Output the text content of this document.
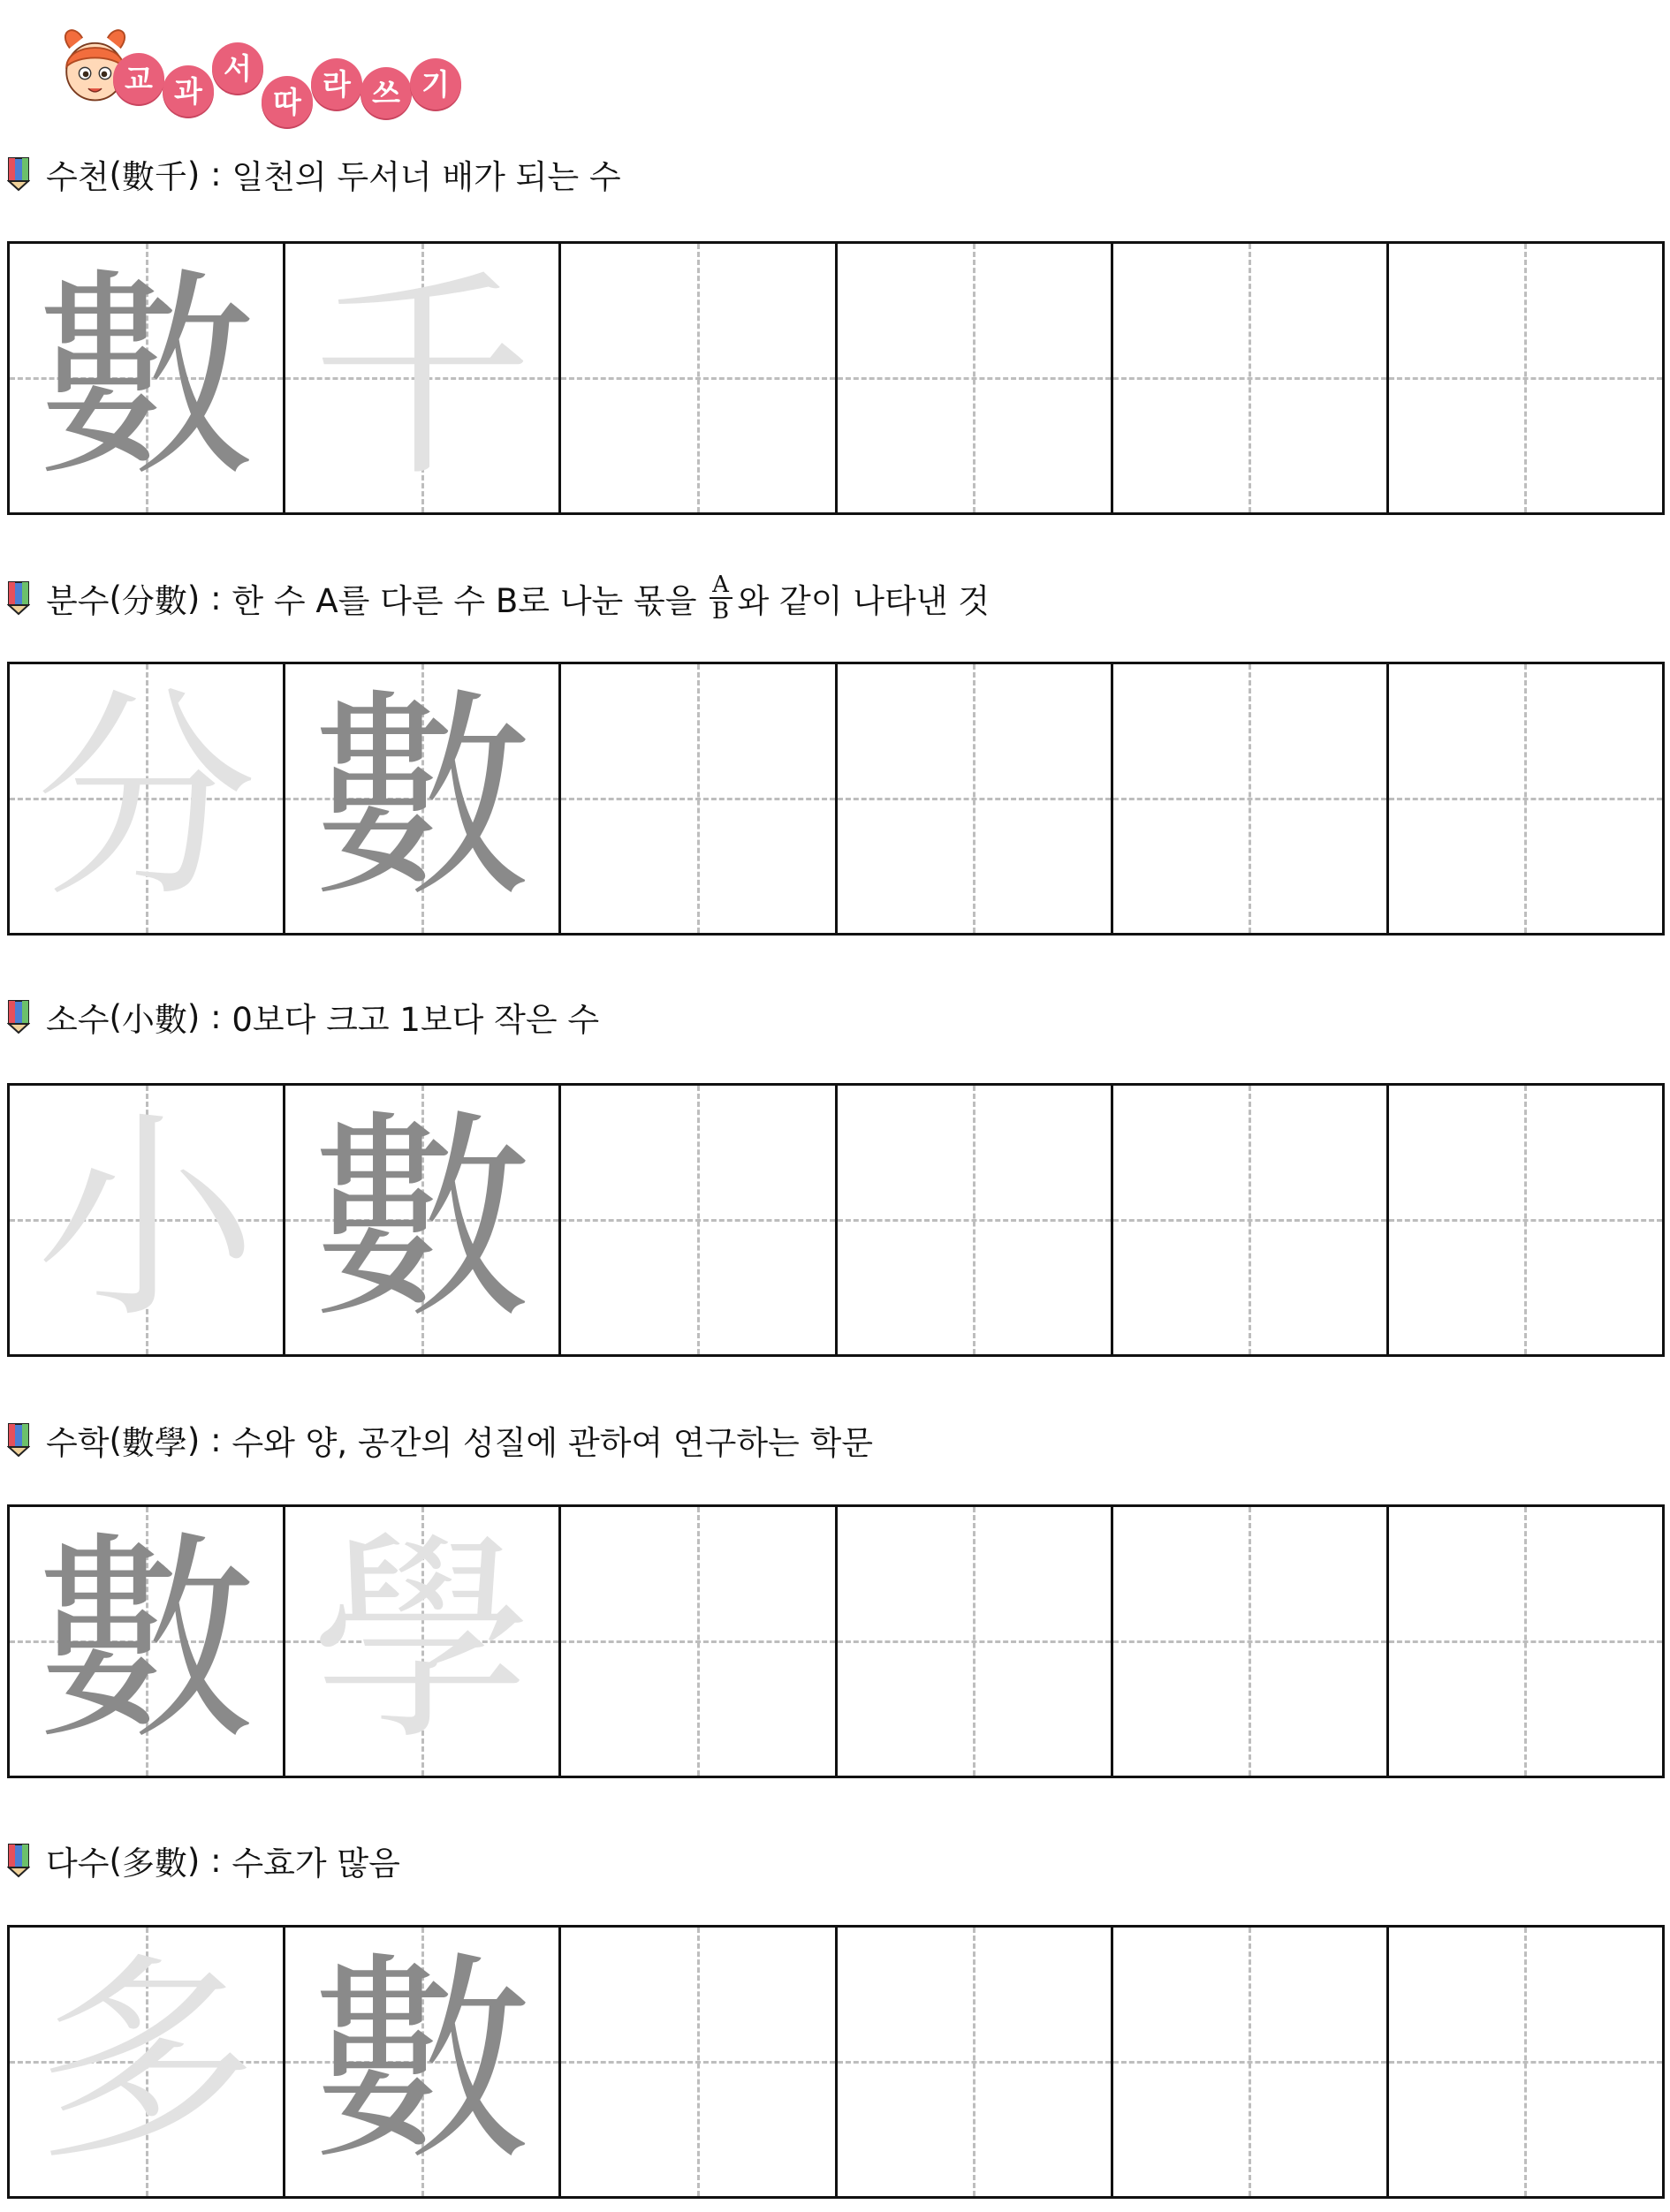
교 과
서
따
라 쓰 기
수천 ( 數千 ) : 일천의 두서너 배가 되는 수
數 千
분수 ( 分數 ) : 한 수 A를 다른 수 B로 나눈 몫을 $\frac{A}{B}$ 와 같이 나타낸 것
分 數
소수 ( 小數 ) : 0보다 크고 1보다 작은 수
小 數
수학 ( 數學 ) : 수와 양, 공간의 성질에 관하여 연구하는 학문
數 學
다수 ( 多數 ) : 수효가 많음
多 數
